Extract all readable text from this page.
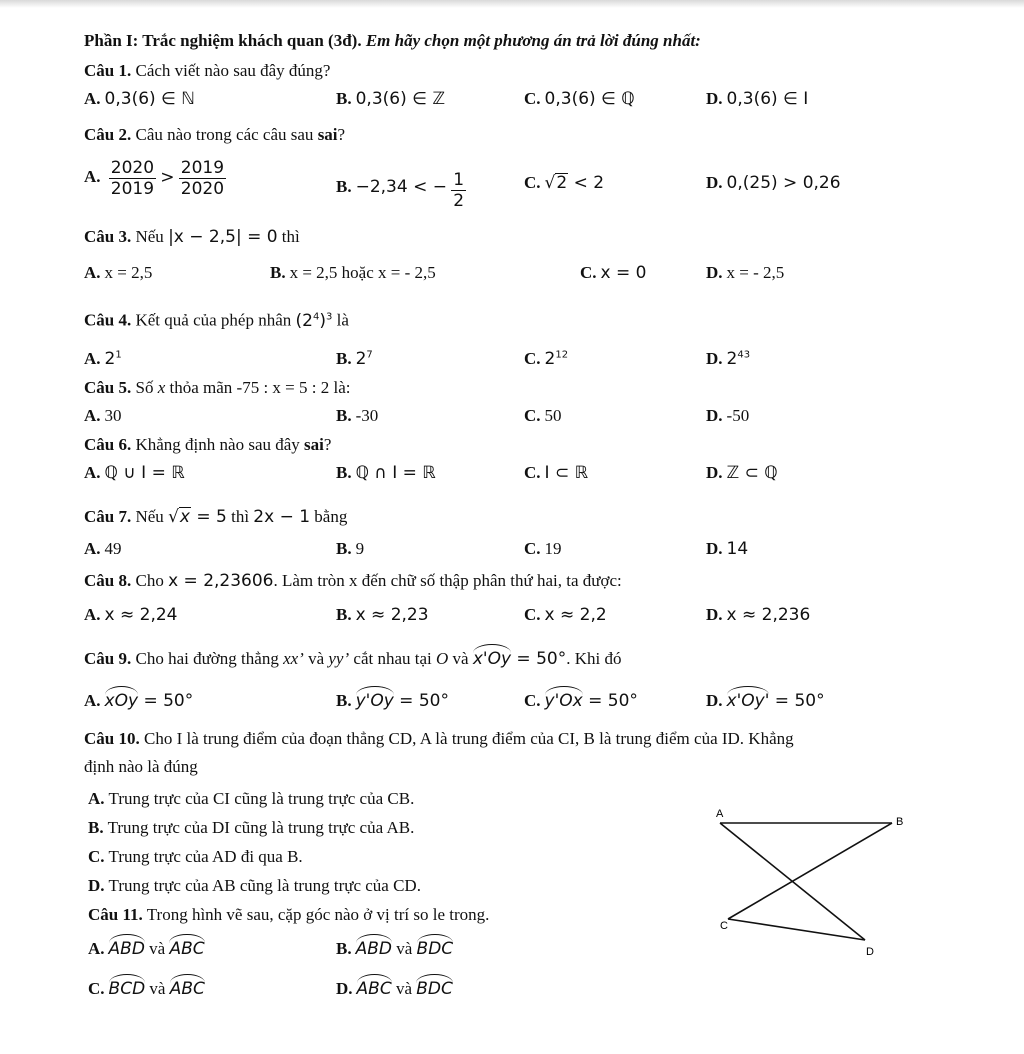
Phần I: Trắc nghiệm khách quan (3đ). Em hãy chọn một phương án trả lời đúng nhất:
Câu 1. Cách viết nào sau đây đúng?
A. 0,3(6) ∈ ℕ	B. 0,3(6) ∈ ℤ	C. 0,3(6) ∈ ℚ	D. 0,3(6) ∈ I
Câu 2. Câu nào trong các câu sau sai?
A. $\frac{2020}{2019} > \frac{2019}{2020}$	B. −2,34 < − $\frac{1}{2}$	C. √2 < 2	D. 0,(25) > 0,26
Câu 3. Nếu |x − 2,5| = 0 thì
A. x = 2,5	B. x = 2,5 hoặc x = - 2,5	C. x = 0	D. x = - 2,5
Câu 4. Kết quả của phép nhân $(2^4)^3$ là
A. $2^1$	B. $2^7$	C. $2^{12}$	D. $2^{43}$
Câu 5. Số x thỏa mãn -75 : x = 5 : 2 là:
A. 30	B. -30	C. 50	D. -50
Câu 6. Khẳng định nào sau đây sai?
A. ℚ ∪ I = ℝ	B. ℚ ∩ I = ℝ	C. I ⊂ ℝ	D. ℤ ⊂ ℚ
Câu 7. Nếu √x = 5 thì 2x − 1 bằng
A. 49	B. 9	C. 19	D. 14
Câu 8. Cho x = 2,23606. Làm tròn x đến chữ số thập phân thứ hai, ta được:
A. x ≈ 2,24	B. x ≈ 2,23	C. x ≈ 2,2	D. x ≈ 2,236
Câu 9. Cho hai đường thẳng xx’ và yy’ cắt nhau tại O và x'Oy = 50°. Khi đó
A. xOy = 50°	B. y'Oy = 50°	C. y'Ox = 50°	D. x'Oy' = 50°
Câu 10. Cho I là trung điểm của đoạn thẳng CD, A là trung điểm của CI, B là trung điểm của ID. Khẳng
định nào là đúng
A. Trung trực của CI cũng là trung trực của CB.
B. Trung trực của DI cũng là trung trực của AB.
C. Trung trực của AD đi qua B.
D. Trung trực của AB cũng là trung trực của CD.
Câu 11. Trong hình vẽ sau, cặp góc nào ở vị trí so le trong.
A. ABD và ABC	B. ABD và BDC
C. BCD và ABC	D. ABC và BDC
A
B
C
D
